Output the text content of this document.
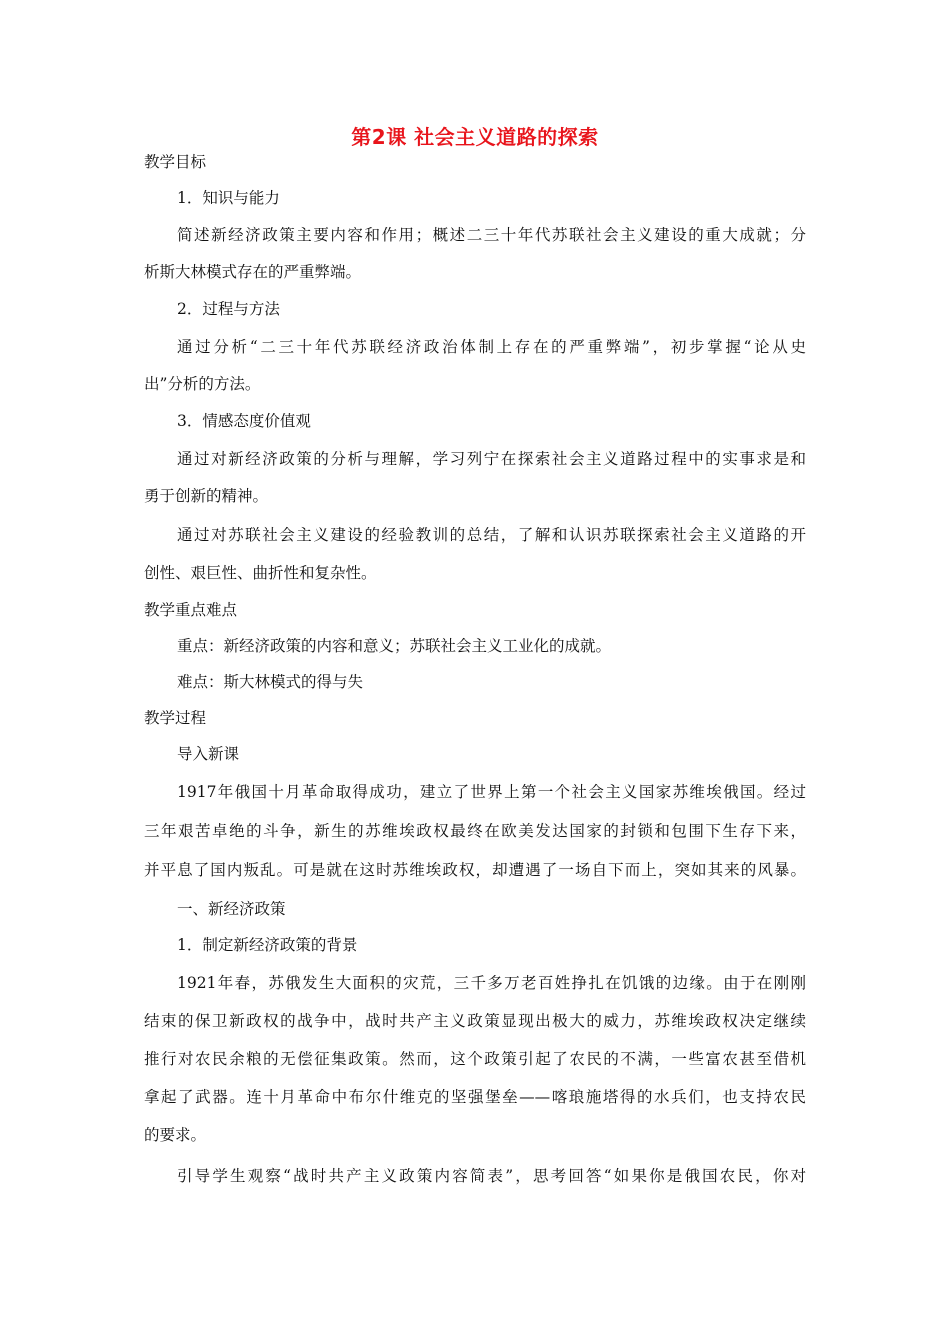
第2课 社会主义道路的探索
教学目标
1．知识与能力
简述新经济政策主要内容和作用；概述二三十年代苏联社会主义建设的重大成就；分
析斯大林模式存在的严重弊端。
2．过程与方法
通过分析“二三十年代苏联经济政治体制上存在的严重弊端”，初步掌握“论从史
出”分析的方法。
3．情感态度价值观
通过对新经济政策的分析与理解，学习列宁在探索社会主义道路过程中的实事求是和
勇于创新的精神。
通过对苏联社会主义建设的经验教训的总结，了解和认识苏联探索社会主义道路的开
创性、艰巨性、曲折性和复杂性。
教学重点难点
重点：新经济政策的内容和意义；苏联社会主义工业化的成就。
难点：斯大林模式的得与失
教学过程
导入新课
1917年俄国十月革命取得成功，建立了世界上第一个社会主义国家苏维埃俄国。经过
三年艰苦卓绝的斗争，新生的苏维埃政权最终在欧美发达国家的封锁和包围下生存下来，
并平息了国内叛乱。可是就在这时苏维埃政权，却遭遇了一场自下而上，突如其来的风暴。
一、新经济政策
1．制定新经济政策的背景
1921年春，苏俄发生大面积的灾荒，三千多万老百姓挣扎在饥饿的边缘。由于在刚刚
结束的保卫新政权的战争中，战时共产主义政策显现出极大的威力，苏维埃政权决定继续
推行对农民余粮的无偿征集政策。然而，这个政策引起了农民的不满，一些富农甚至借机
拿起了武器。连十月革命中布尔什维克的坚强堡垒——喀琅施塔得的水兵们，也支持农民
的要求。
引导学生观察“战时共产主义政策内容简表”，思考回答“如果你是俄国农民，你对
